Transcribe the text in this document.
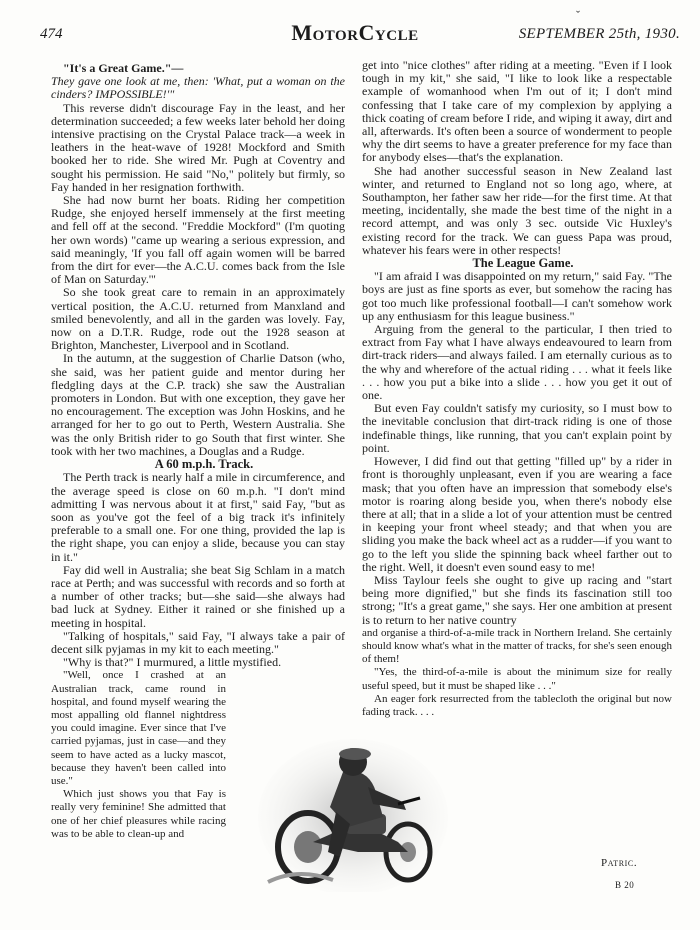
474	MotorCycle	SEPTEMBER 25th, 1930.
ˇ

"It's a Great Game."—

They gave one look at me, then: 'What, put a woman on the cinders? IMPOSSIBLE!'"

This reverse didn't discourage Fay in the least, and her determination succeeded; a few weeks later behold her doing intensive practising on the Crystal Palace track—a week in leathers in the heat-wave of 1928! Mockford and Smith booked her to ride. She wired Mr. Pugh at Coventry and sought his permission. He said "No," politely but firmly, so Fay handed in her resignation forthwith.

She had now burnt her boats. Riding her competition Rudge, she enjoyed herself immensely at the first meeting and fell off at the second. "Freddie Mockford" (I'm quoting her own words) "came up wearing a serious expression, and said meaningly, 'If you fall off again women will be barred from the dirt for ever—the A.C.U. comes back from the Isle of Man on Saturday.'"

So she took great care to remain in an approximately vertical position, the A.C.U. returned from Manxland and smiled benevolently, and all in the garden was lovely. Fay, now on a D.T.R. Rudge, rode out the 1928 season at Brighton, Manchester, Liverpool and in Scotland.

In the autumn, at the suggestion of Charlie Datson (who, she said, was her patient guide and mentor during her fledgling days at the C.P. track) she saw the Australian promoters in London. But with one exception, they gave her no encouragement. The exception was John Hoskins, and he arranged for her to go out to Perth, Western Australia. She was the only British rider to go South that first winter. She took with her two machines, a Douglas and a Rudge.

A 60 m.p.h. Track.

The Perth track is nearly half a mile in circumference, and the average speed is close on 60 m.p.h. "I don't mind admitting I was nervous about it at first," said Fay, "but as soon as you've got the feel of a big track it's infinitely preferable to a small one. For one thing, provided the lap is the right shape, you can enjoy a slide, because you can stay in it."

Fay did well in Australia; she beat Sig Schlam in a match race at Perth; and was successful with records and so forth at a number of other tracks; but—she said—she always had bad luck at Sydney. Either it rained or she finished up a meeting in hospital.

"Talking of hospitals," said Fay, "I always take a pair of decent silk pyjamas in my kit to each meeting."

"Why is that?" I murmured, a little mystified.

"Well, once I crashed at an Australian track, came round in hospital, and found myself wearing the most appalling old flannel nightdress you could imagine. Ever since that I've carried pyjamas, just in case—and they seem to have acted as a lucky mascot, because they haven't been called into use."

Which just shows you that Fay is really very feminine! She admitted that one of her chief pleasures while racing was to be able to clean-up and

get into "nice clothes" after riding at a meeting. "Even if I look tough in my kit," she said, "I like to look like a respectable example of womanhood when I'm out of it; I don't mind confessing that I take care of my complexion by applying a thick coating of cream before I ride, and wiping it away, dirt and all, afterwards. It's often been a source of wonderment to people why the dirt seems to have a greater preference for my face than for anybody elses—that's the explanation.

She had another successful season in New Zealand last winter, and returned to England not so long ago, where, at Southampton, her father saw her ride—for the first time. At that meeting, incidentally, she made the best time of the night in a record attempt, and was only 3 sec. outside Vic Huxley's existing record for the track. We can guess Papa was proud, whatever his fears were in other respects!

The League Game.

"I am afraid I was disappointed on my return," said Fay. "The boys are just as fine sports as ever, but somehow the racing has got too much like professional football—I can't somehow work up any enthusiasm for this league business."

Arguing from the general to the particular, I then tried to extract from Fay what I have always endeavoured to learn from dirt-track riders—and always failed. I am eternally curious as to the why and wherefore of the actual riding . . . what it feels like . . . how you put a bike into a slide . . . how you get it out of one.

But even Fay couldn't satisfy my curiosity, so I must bow to the inevitable conclusion that dirt-track riding is one of those indefinable things, like running, that you can't explain point by point.

However, I did find out that getting "filled up" by a rider in front is thoroughly unpleasant, even if you are wearing a face mask; that you often have an impression that somebody else's motor is roaring along beside you, when there's nobody else there at all; that in a slide a lot of your attention must be centred in keeping your front wheel steady; and that when you are sliding you make the back wheel act as a rudder—if you want to go to the left you slide the spinning back wheel farther out to the right. Well, it doesn't even sound easy to me!

Miss Taylour feels she ought to give up racing and "start being more dignified," but she finds its fascination still too strong; "It's a great game," she says. Her one ambition at present is to return to her native country

and organise a third-of-a-mile track in Northern Ireland. She certainly should know what's what in the matter of tracks, for she's seen enough of them!

"Yes, the third-of-a-mile is about the minimum size for really useful speed, but it must be shaped like . . ."

An eager fork resurrected from the tablecloth the original but now fading track. . . .

Patric.
B 20
